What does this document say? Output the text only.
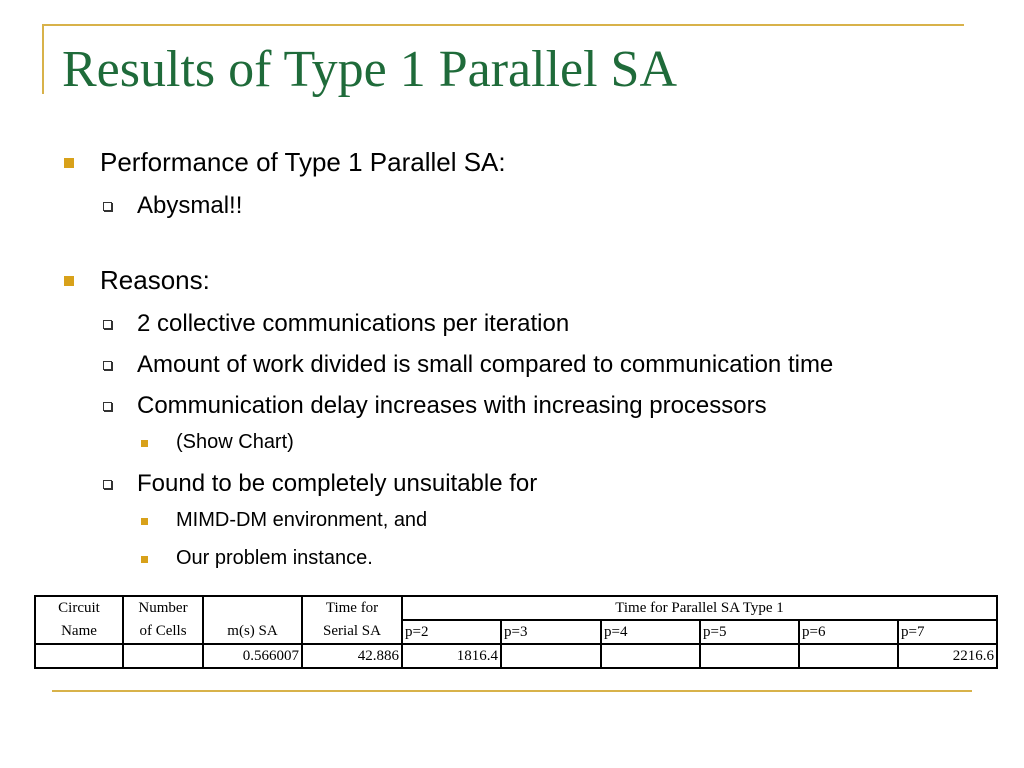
Results of Type 1 Parallel SA
Performance of Type 1 Parallel SA:
Abysmal!!
Reasons:
2 collective communications per iteration
Amount of work divided is small compared to communication time
Communication delay increases with increasing processors
(Show Chart)
Found to be completely unsuitable for
MIMD-DM environment, and
Our problem instance.
Circuit	Number		Time for	Time for Parallel SA Type 1					
Name	of Cells	m(s) SA	Serial SA	p=2	p=3	p=4	p=5	p=6	p=7
		0.566007	42.886	1816.4					2216.6
